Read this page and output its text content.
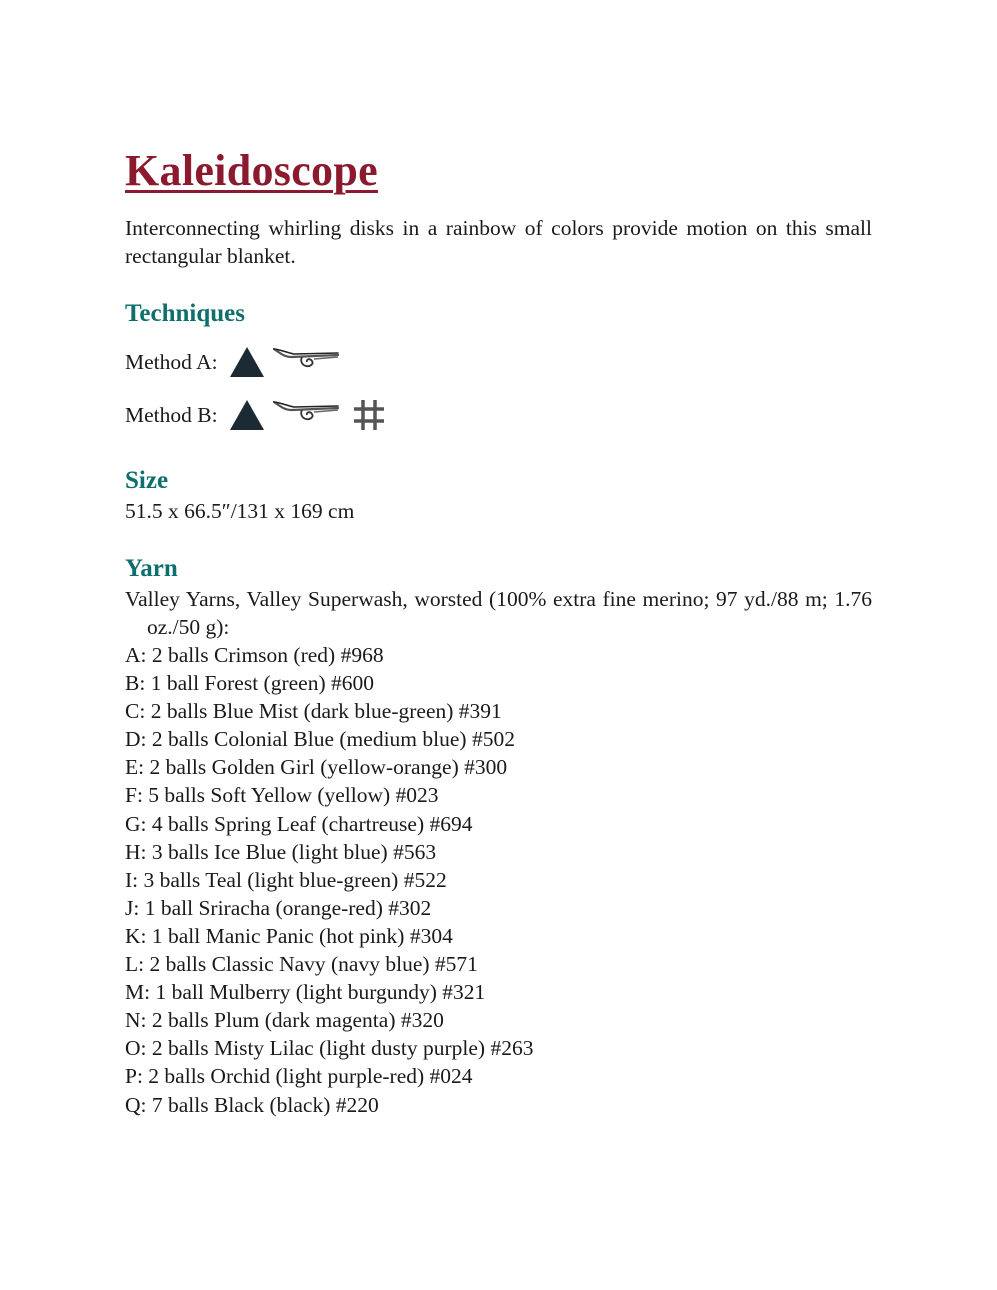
Kaleidoscope

Interconnecting whirling disks in a rainbow of colors provide motion on this small rectangular blanket.

Techniques
Method A:
Method B:
Size

51.5 x 66.5″/131 x 169 cm

Yarn

Valley Yarns, Valley Superwash, worsted (100% extra fine merino; 97 yd./88 m; 1.76 oz./50 g):

A: 2 balls Crimson (red) #968
B: 1 ball Forest (green) #600
C: 2 balls Blue Mist (dark blue-green) #391
D: 2 balls Colonial Blue (medium blue) #502
E: 2 balls Golden Girl (yellow-orange) #300
F: 5 balls Soft Yellow (yellow) #023
G: 4 balls Spring Leaf (chartreuse) #694
H: 3 balls Ice Blue (light blue) #563
I: 3 balls Teal (light blue-green) #522
J: 1 ball Sriracha (orange-red) #302
K: 1 ball Manic Panic (hot pink) #304
L: 2 balls Classic Navy (navy blue) #571
M: 1 ball Mulberry (light burgundy) #321
N: 2 balls Plum (dark magenta) #320
O: 2 balls Misty Lilac (light dusty purple) #263
P: 2 balls Orchid (light purple-red) #024
Q: 7 balls Black (black) #220
